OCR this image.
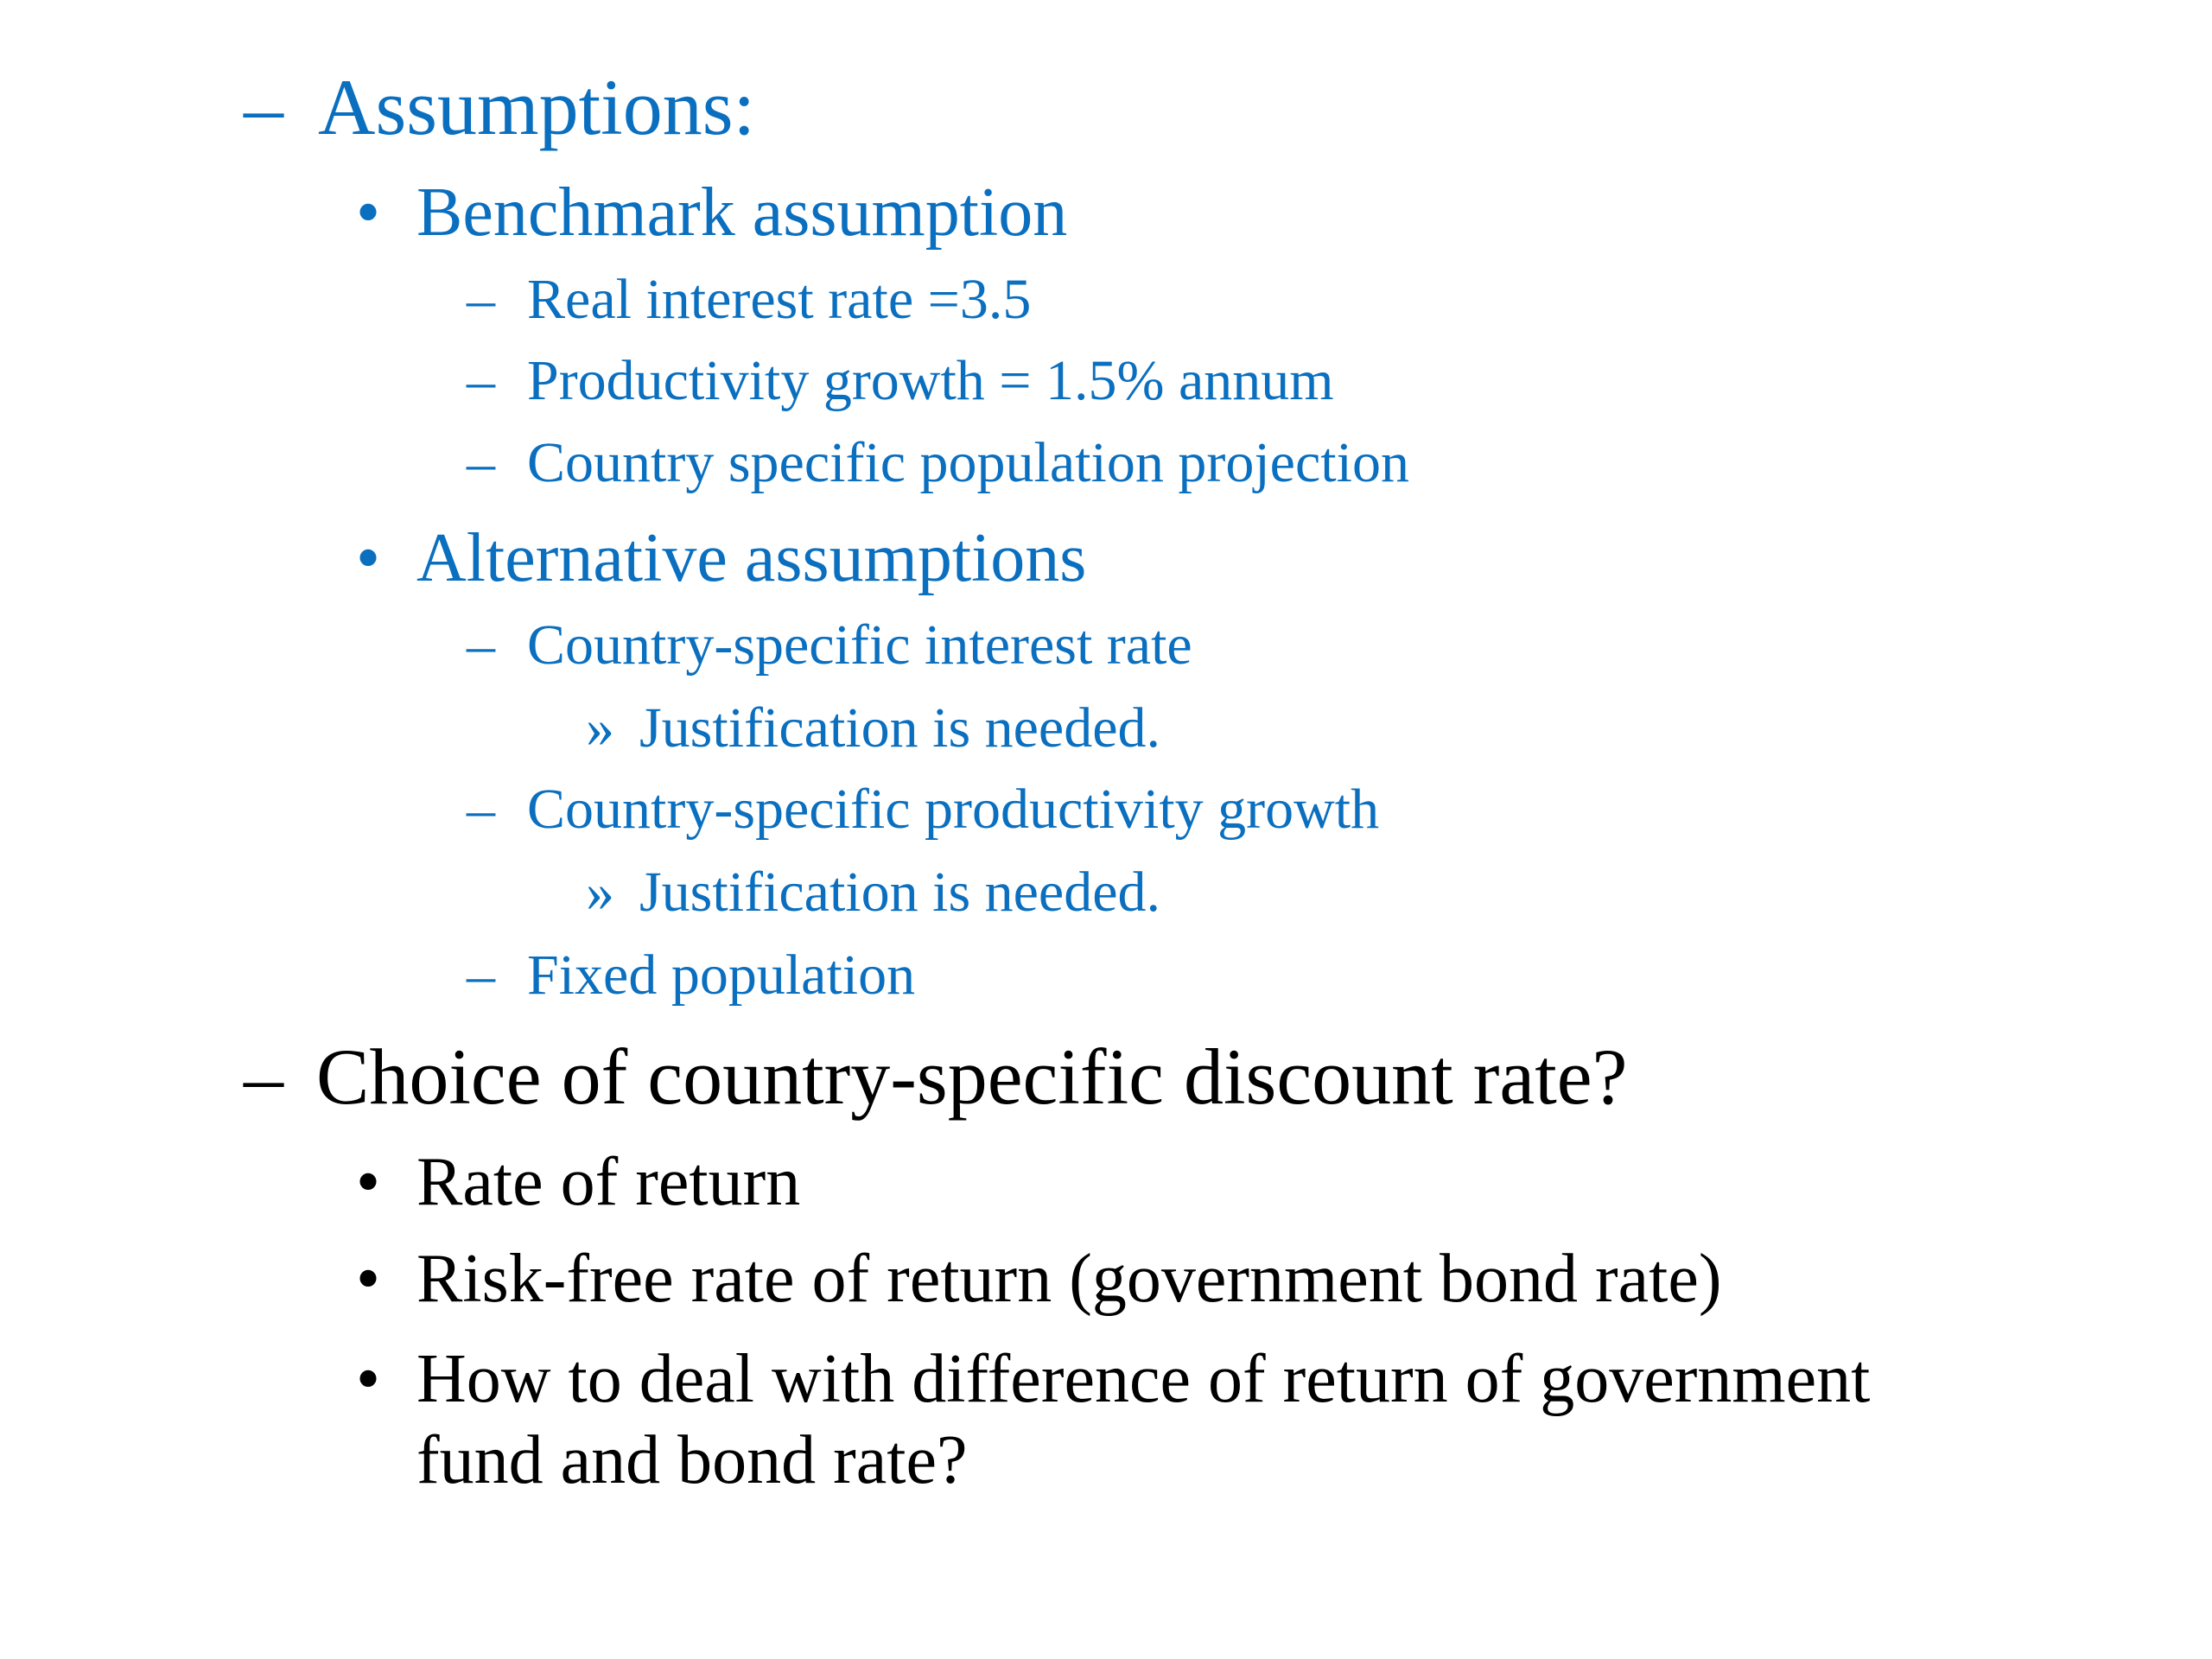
– Assumptions:
• Benchmark assumption
– Real interest rate =3.5
– Productivity growth = 1.5% annum
– Country specific population projection
• Alternative assumptions
– Country-specific interest rate
» Justification is needed.
– Country-specific productivity growth
» Justification is needed.
– Fixed population
– Choice of country-specific discount rate?
• Rate of return
• Risk-free rate of return (government bond rate)
• How to deal with difference of return of government
fund and bond rate?
